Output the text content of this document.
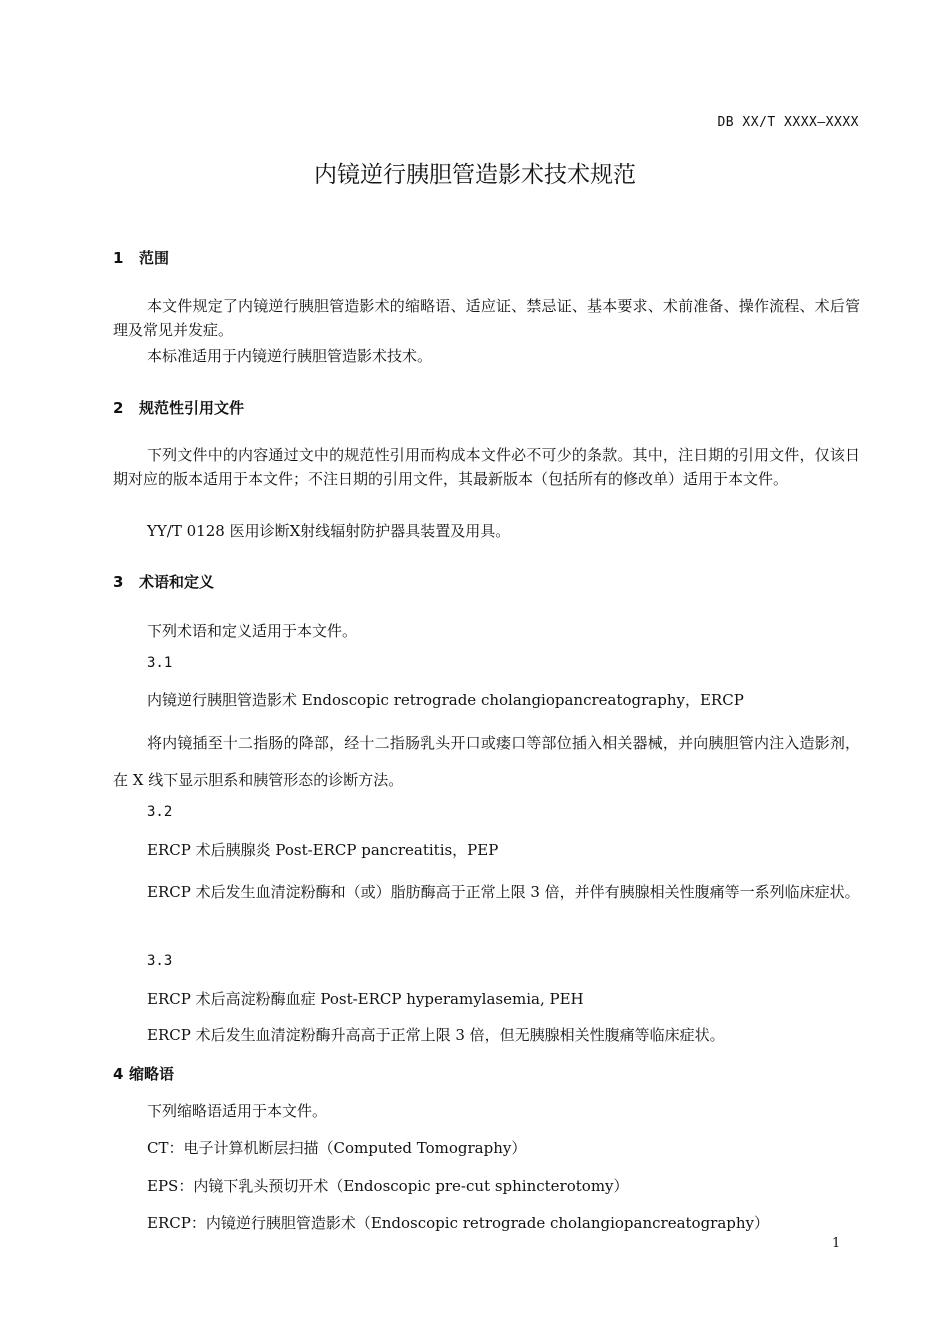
DB XX/T XXXX—XXXX
内镜逆行胰胆管造影术技术规范
1 范围
本文件规定了内镜逆行胰胆管造影术的缩略语、适应证、禁忌证、基本要求、术前准备、操作流程、术后管理及常见并发症。
本标准适用于内镜逆行胰胆管造影术技术。
2 规范性引用文件
下列文件中的内容通过文中的规范性引用而构成本文件必不可少的条款。其中，注日期的引用文件，仅该日期对应的版本适用于本文件；不注日期的引用文件，其最新版本（包括所有的修改单）适用于本文件。
YY/T 0128 医用诊断X射线辐射防护器具装置及用具。
3 术语和定义
下列术语和定义适用于本文件。
3.1
内镜逆行胰胆管造影术 Endoscopic retrograde cholangiopancreatography，ERCP
将内镜插至十二指肠的降部，经十二指肠乳头开口或瘘口等部位插入相关器械，并向胰胆管内注入造影剂，在 X 线下显示胆系和胰管形态的诊断方法。
3.2
ERCP 术后胰腺炎 Post-ERCP pancreatitis，PEP
ERCP 术后发生血清淀粉酶和（或）脂肪酶高于正常上限 3 倍，并伴有胰腺相关性腹痛等一系列临床症状。
3.3
ERCP 术后高淀粉酶血症 Post-ERCP hyperamylasemia, PEH
ERCP 术后发生血清淀粉酶升高高于正常上限 3 倍，但无胰腺相关性腹痛等临床症状。
4 缩略语
下列缩略语适用于本文件。
CT：电子计算机断层扫描（Computed Tomography）
EPS：内镜下乳头预切开术（Endoscopic pre-cut sphincterotomy）
ERCP：内镜逆行胰胆管造影术（Endoscopic retrograde cholangiopancreatography）
1
